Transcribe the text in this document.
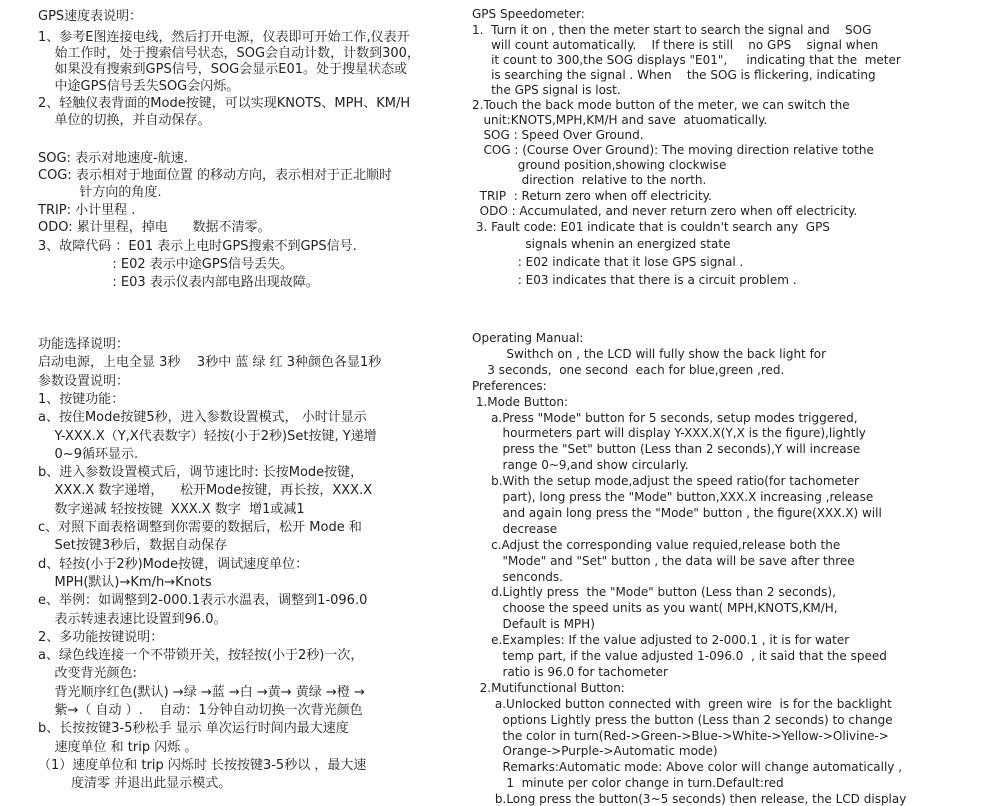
GPS速度表说明：
1、参考E图连接电线，然后打开电源，仪表即可开始工作,仪表开
始工作时，处于搜索信号状态，SOG会自动计数，计数到300，
如果没有搜索到GPS信号，SOG会显示E01。处于搜星状态或
中途GPS信号丢失SOG会闪烁。
2、轻触仪表背面的Mode按键，可以实现KNOTS、MPH、KM/H
单位的切换，并自动保存。
SOG: 表示对地速度-航速.
COG: 表示相对于地面位置 的移动方向，表示相对于正北顺时
针方向的角度.
TRIP: 小计里程 .
ODO: 累计里程，掉电      数据不清零。
3、故障代码 ：E01 表示上电时GPS搜索不到GPS信号.
: E02 表示中途GPS信号丢失。
: E03 表示仪表内部电路出现故障。
功能选择说明：
启动电源，上电全显 3秒    3秒中 蓝 绿 红 3种颜色各显1秒
参数设置说明：
1、按键功能：
a、按住Mode按键5秒，进入参数设置模式， 小时计显示
Y-XXX.X（Y,X代表数字）轻按(小于2秒)Set按键, Y递增
0~9循环显示.
b、进入参数设置模式后，调节速比时: 长按Mode按键，
XXX.X 数字递增，    松开Mode按键，再长按，XXX.X
数字递减 轻按按键  XXX.X 数字  增1或减1
c、对照下面表格调整到你需要的数据后，松开 Mode 和
Set按键3秒后，数据自动保存
d、轻按(小于2秒)Mode按键，调试速度单位：
MPH(默认)→Km/h→Knots
e、举例：如调整到2-000.1表示水温表，调整到1-096.0
表示转速表速比设置到96.0。
2、多功能按键说明：
a、绿色线连接一个不带锁开关，按轻按(小于2秒)一次，
改变背光颜色:
背光顺序红色(默认) →绿 →蓝 →白 →黄→ 黄绿 →橙 →
紫→（ 自动 ）.    自动：1分钟自动切换一次背光颜色
b、长按按键3-5秒松手 显示 单次运行时间内最大速度
速度单位 和 trip 闪烁 。
（1）速度单位和 trip 闪烁时 长按按键3-5秒以 ，最大速
度清零 并退出此显示模式。
GPS Speedometer:
1.  Turn it on , then the meter start to search the signal and    SOG
will count automatically.    If there is still    no GPS    signal when
it count to 300,the SOG displays "E01",     indicating that the  meter
is searching the signal . When    the SOG is flickering, indicating
the GPS signal is lost.
2.Touch the back mode button of the meter, we can switch the
unit:KNOTS,MPH,KM/H and save  atuomatically.
SOG : Speed Over Ground.
COG : (Course Over Ground): The moving direction relative tothe
ground position,showing clockwise
direction  relative to the north.
TRIP  : Return zero when off electricity.
ODO : Accumulated, and never return zero when off electricity.
3. Fault code: E01 indicate that is couldn't search any  GPS
signals whenin an energized state
: E02 indicate that it lose GPS signal .
: E03 indicates that there is a circuit problem .
Operating Manual:
Swithch on , the LCD will fully show the back light for
3 seconds,  one second  each for blue,green ,red.
Preferences:
1.Mode Button:
a.Press "Mode" button for 5 seconds, setup modes triggered,
hourmeters part will display Y-XXX.X(Y,X is the figure),lightly
press the "Set" button (Less than 2 seconds),Y will increase
range 0~9,and show circularly.
b.With the setup mode,adjust the speed ratio(for tachometer
part), long press the "Mode" button,XXX.X increasing ,release
and again long press the "Mode" button , the figure(XXX.X) will
decrease
c.Adjust the corresponding value requied,release both the
"Mode" and "Set" button , the data will be save after three
senconds.
d.Lightly press  the "Mode" button (Less than 2 seconds),
choose the speed units as you want( MPH,KNOTS,KM/H,
Default is MPH)
e.Examples: If the value adjusted to 2-000.1 , it is for water
temp part, if the value adjusted 1-096.0  , it said that the speed
ratio is 96.0 for tachometer
2.Mutifunctional Button:
a.Unlocked button connected with  green wire  is for the backlight
options Lightly press the button (Less than 2 seconds) to change
the color in turn(Red->Green->Blue->White->Yellow->Olivine->
Orange->Purple->Automatic mode)
Remarks:Automatic mode: Above color will change automatically ,
1  minute per color change in turn.Default:red
b.Long press the button(3~5 seconds) then release, the LCD display
